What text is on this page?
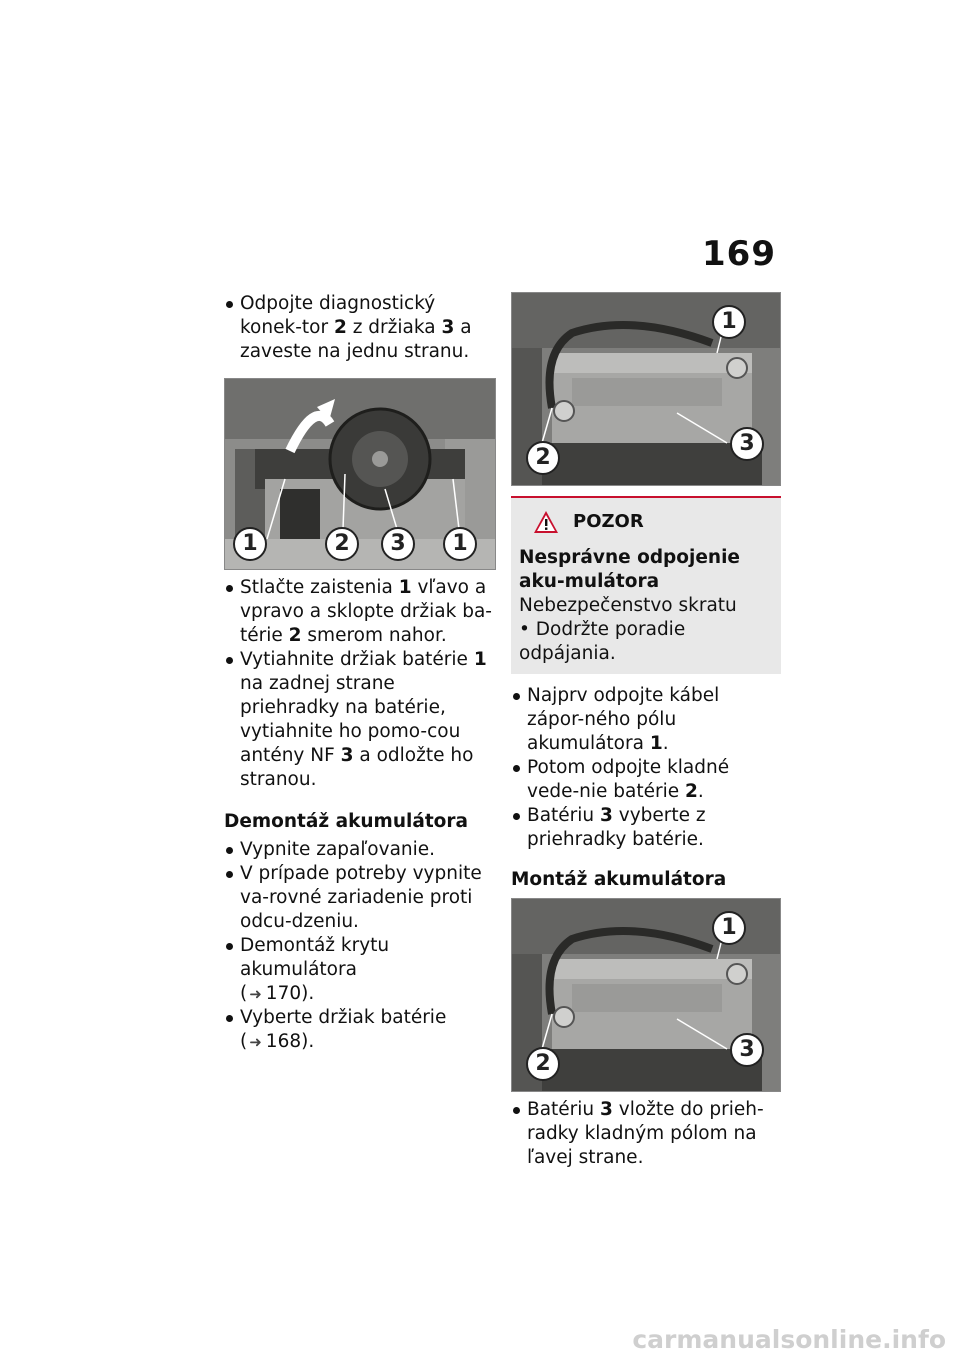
169
Odpojte diagnostický konek-tor 2 z držiaka 3 a zaveste na jednu stranu.
1	2	3	1
Stlačte zaistenia 1 vľavo a vpravo a sklopte držiak ba-térie 2 smerom nahor.
Vytiahnite držiak batérie 1 na zadnej strane priehradky na batérie, vytiahnite ho pomo-cou antény NF 3 a odložte ho stranou.
Demontáž akumulátora
Vypnite zapaľovanie.
V prípade potreby vypnite va-rovné zariadenie proti odcu-dzeniu.
Demontáž krytu akumulátora
( ➜ 170).
Vyberte držiak batérie
( ➜ 168).
1
2
3
POZOR
Nesprávne odpojenie aku-mulátora
Nebezpečenstvo skratu
• Dodržte poradie odpájania.
Najprv odpojte kábel zápor-ného pólu akumulátora 1.
Potom odpojte kladné vede-nie batérie 2.
Batériu 3 vyberte z priehradky batérie.
Montáž akumulátora
1
2
3
Batériu 3 vložte do prieh-radky kladným pólom na ľavej strane.
carmanualsonline.info
